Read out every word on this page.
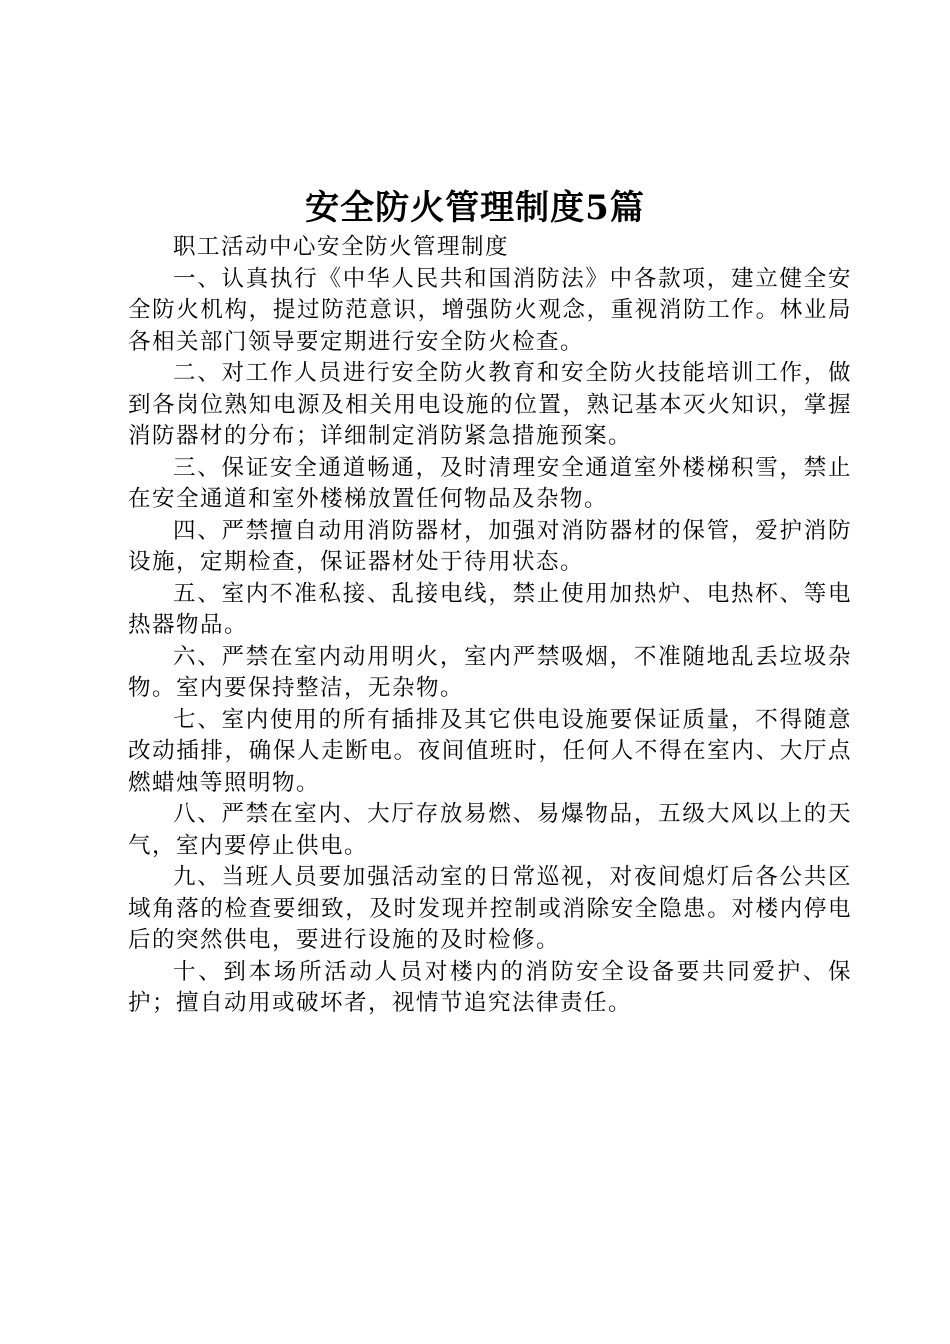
安全防火管理制度5篇

职工活动中心安全防火管理制度

一、认真执行《中华人民共和国消防法》中各款项，建立健全安全防火机构，提过防范意识，增强防火观念，重视消防工作。林业局各相关部门领导要定期进行安全防火检查。

二、对工作人员进行安全防火教育和安全防火技能培训工作，做到各岗位熟知电源及相关用电设施的位置，熟记基本灭火知识，掌握消防器材的分布；详细制定消防紧急措施预案。

三、保证安全通道畅通，及时清理安全通道室外楼梯积雪，禁止在安全通道和室外楼梯放置任何物品及杂物。

四、严禁擅自动用消防器材，加强对消防器材的保管，爱护消防设施，定期检查，保证器材处于待用状态。

五、室内不准私接、乱接电线，禁止使用加热炉、电热杯、等电热器物品。

六、严禁在室内动用明火，室内严禁吸烟，不准随地乱丢垃圾杂物。室内要保持整洁，无杂物。

七、室内使用的所有插排及其它供电设施要保证质量，不得随意改动插排，确保人走断电。夜间值班时，任何人不得在室内、大厅点燃蜡烛等照明物。

八、严禁在室内、大厅存放易燃、易爆物品，五级大风以上的天气，室内要停止供电。

九、当班人员要加强活动室的日常巡视，对夜间熄灯后各公共区域角落的检查要细致，及时发现并控制或消除安全隐患。对楼内停电后的突然供电，要进行设施的及时检修。

十、到本场所活动人员对楼内的消防安全设备要共同爱护、保护；擅自动用或破坏者，视情节追究法律责任。
